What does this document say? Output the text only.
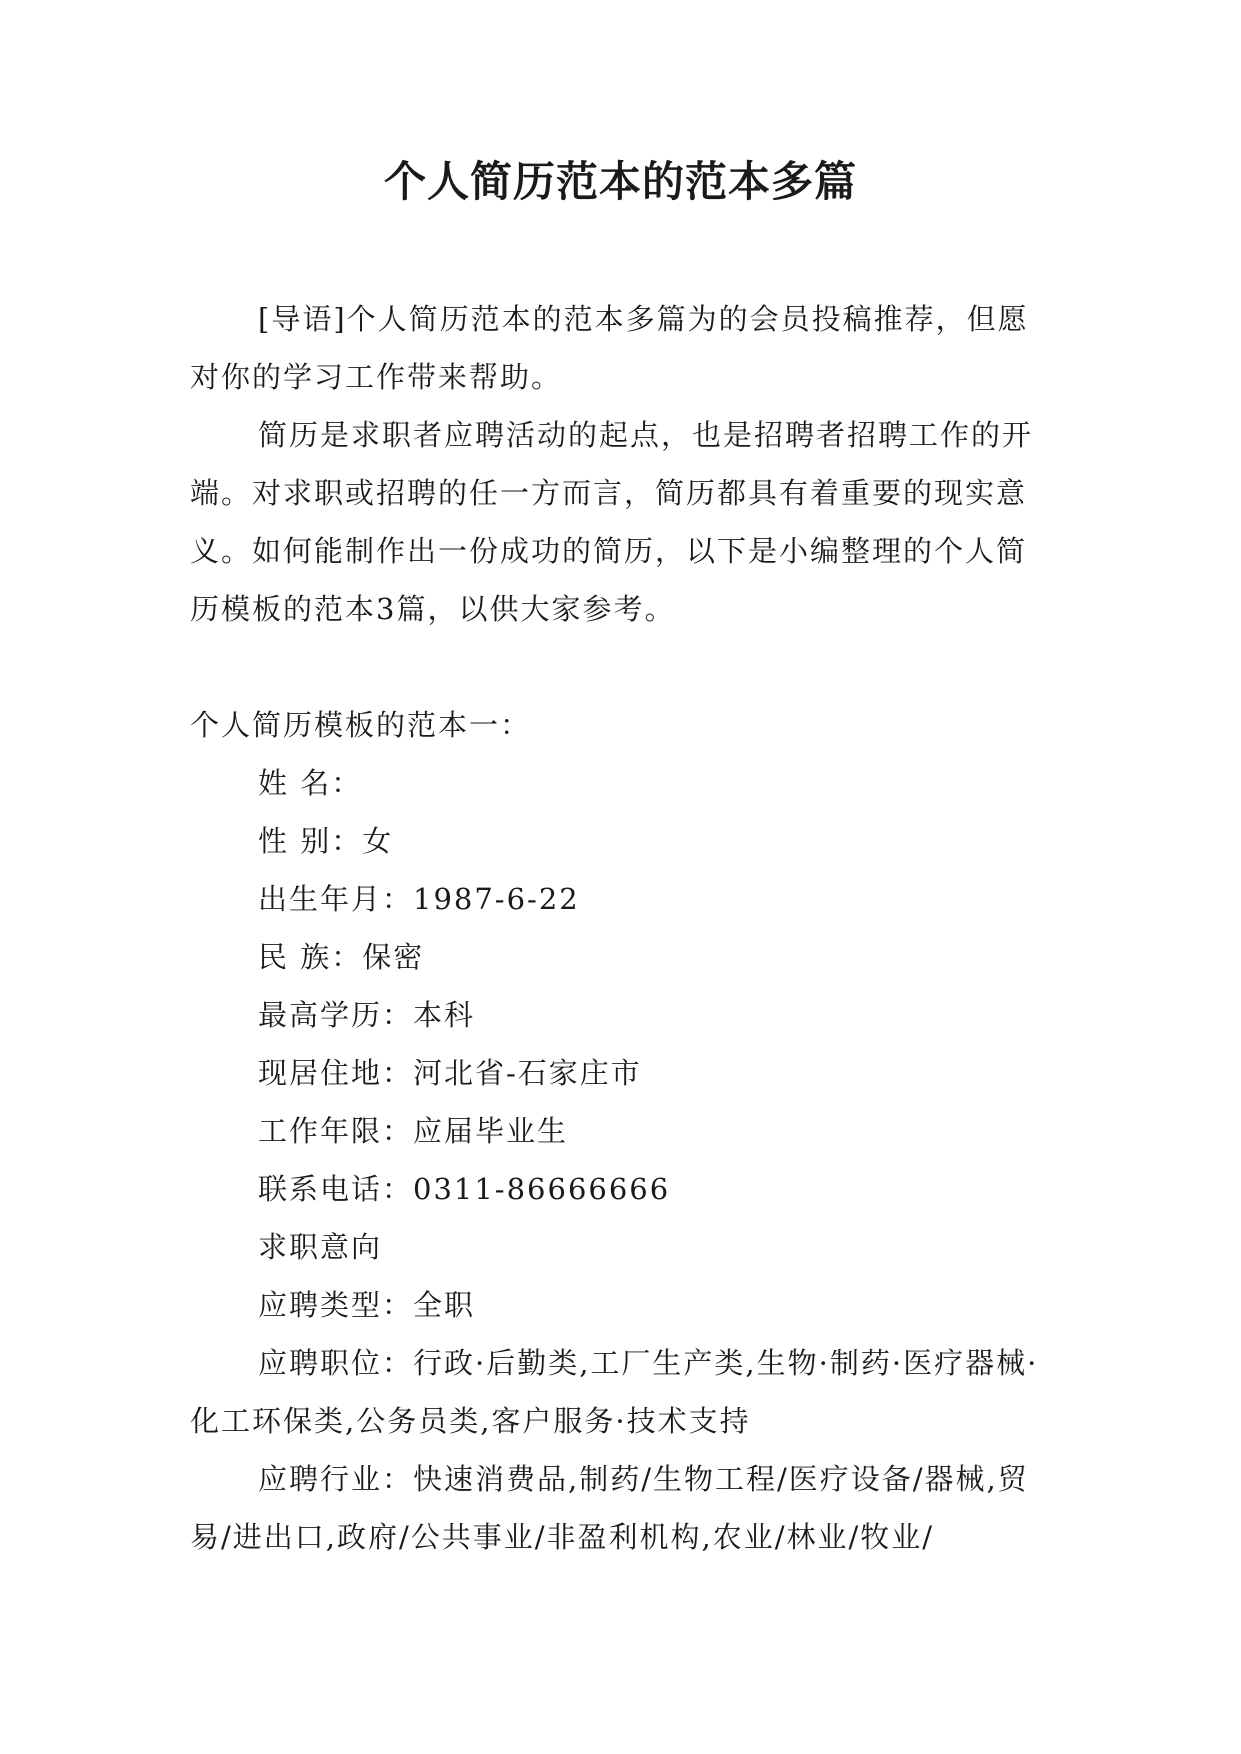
个人简历范本的范本多篇

[导语]个人简历范本的范本多篇为的会员投稿推荐，但愿对你的学习工作带来帮助。

简历是求职者应聘活动的起点，也是招聘者招聘工作的开端。对求职或招聘的任一方而言，简历都具有着重要的现实意义。如何能制作出一份成功的简历，以下是小编整理的个人简历模板的范本3篇，以供大家参考。

个人简历模板的范本一：

姓 名：

性 别：女

出生年月：1987-6-22

民 族：保密

最高学历：本科

现居住地：河北省-石家庄市

工作年限：应届毕业生

联系电话：0311-86666666

求职意向

应聘类型：全职

应聘职位：行政·后勤类,工厂生产类,生物·制药·医疗器械·化工环保类,公务员类,客户服务·技术支持

应聘行业：快速消费品,制药/生物工程/医疗设备/器械,贸易/进出口,政府/公共事业/非盈利机构,农业/林业/牧业/
